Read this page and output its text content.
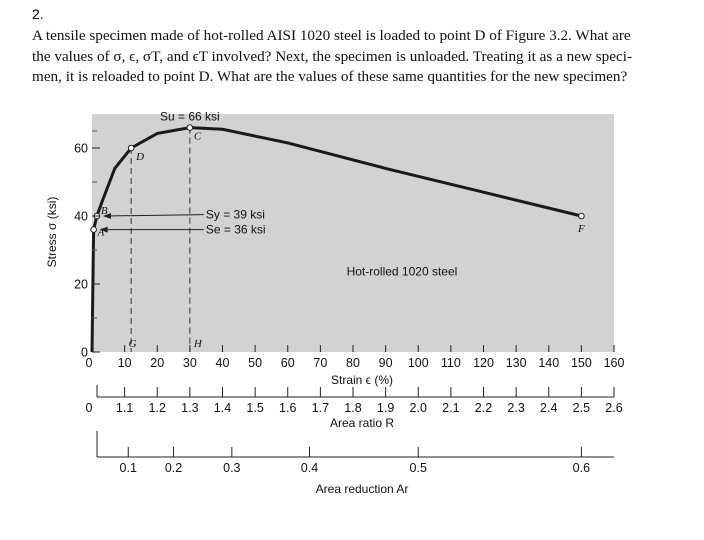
2.

A tensile specimen made of hot-rolled AISI 1020 steel is loaded to point D of Figure 3.2. What are

the values of σ, ϵ, σT, and ϵT involved? Next, the specimen is unloaded. Treating it as a new speci-

men, it is reloaded to point D. What are the values of these same quantities for the new specimen?

A
B
D
C
F
G	H
Su = 66 ksi
Sy = 39 ksi
Se = 36 ksi
Hot-rolled 1020 steel
0
20
40
60
0 10 20 30 40 50 60 70 80 90 100 110 120 130 140 150 160
0 1.1 1.2 1.3 1.4 1.5 1.6 1.7 1.8 1.9 2.0 2.1 2.2 2.3 2.4 2.5 2.6
0.1 0.2	0.3	0.4	0.5	0.6
Stress σ (ksi)
Strain ϵ (%)
Area ratio R
Area reduction Ar
